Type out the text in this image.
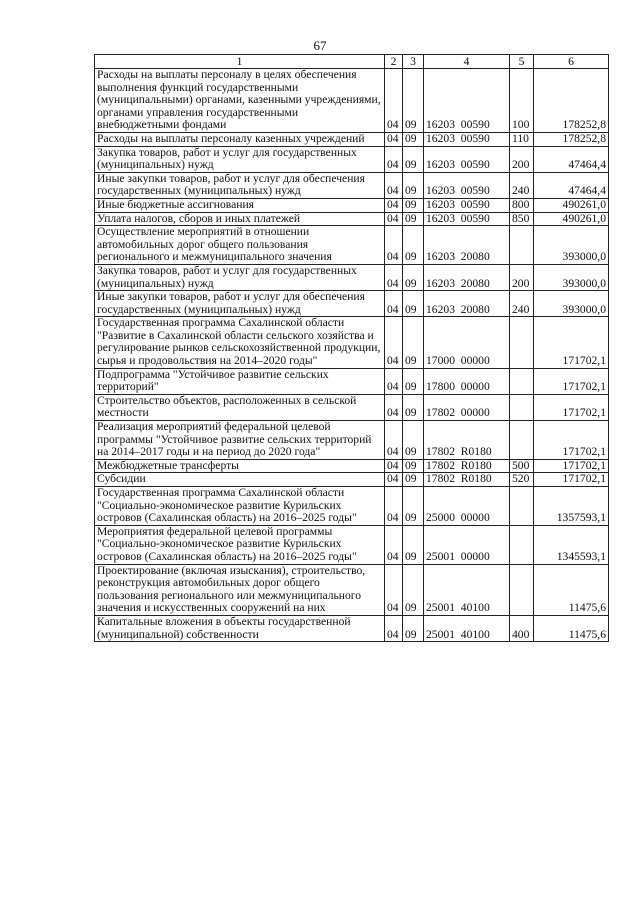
67
1	2	3	4	5	6
Расходы на выплаты персоналу в целях обеспечения выполнения функций государственными (муниципальными) органами, казенными учреждениями, органами управления государственными внебюджетными фондами	04	09	16203  00590	100	178252,8
Расходы на выплаты персоналу казенных учреждений	04	09	16203  00590	110	178252,8
Закупка товаров, работ и услуг для государственных (муниципальных) нужд	04	09	16203  00590	200	47464,4
Иные закупки товаров, работ и услуг для обеспечения государственных (муниципальных) нужд	04	09	16203  00590	240	47464,4
Иные бюджетные ассигнования	04	09	16203  00590	800	490261,0
Уплата налогов, сборов и иных платежей	04	09	16203  00590	850	490261,0
Осуществление мероприятий в отношении автомобильных дорог общего пользования регионального и межмуниципального значения	04	09	16203  20080		393000,0
Закупка товаров, работ и услуг для государственных (муниципальных) нужд	04	09	16203  20080	200	393000,0
Иные закупки товаров, работ и услуг для обеспечения государственных (муниципальных) нужд	04	09	16203  20080	240	393000,0
Государственная программа Сахалинской области "Развитие в Сахалинской области сельского хозяйства и регулирование рынков сельскохозяйственной продукции, сырья и продовольствия на 2014–2020 годы"	04	09	17000  00000		171702,1
Подпрограмма "Устойчивое развитие сельских территорий"	04	09	17800  00000		171702,1
Строительство объектов, расположенных в сельской местности	04	09	17802  00000		171702,1
Реализация мероприятий федеральной целевой программы "Устойчивое развитие сельских территорий на 2014–2017 годы и на период до 2020 года"	04	09	17802  R0180		171702,1
Межбюджетные трансферты	04	09	17802  R0180	500	171702,1
Субсидии	04	09	17802  R0180	520	171702,1
Государственная программа Сахалинской области "Социально-экономическое развитие Курильских островов (Сахалинская область) на 2016–2025 годы"	04	09	25000  00000		1357593,1
Мероприятия федеральной целевой программы "Социально-экономическое развитие Курильских островов (Сахалинская область) на 2016–2025 годы"	04	09	25001  00000		1345593,1
Проектирование (включая изыскания), строительство, реконструкция автомобильных дорог общего пользования регионального или межмуниципального значения и искусственных сооружений на них	04	09	25001  40100		11475,6
Капитальные вложения в объекты государственной (муниципальной) собственности	04	09	25001  40100	400	11475,6
